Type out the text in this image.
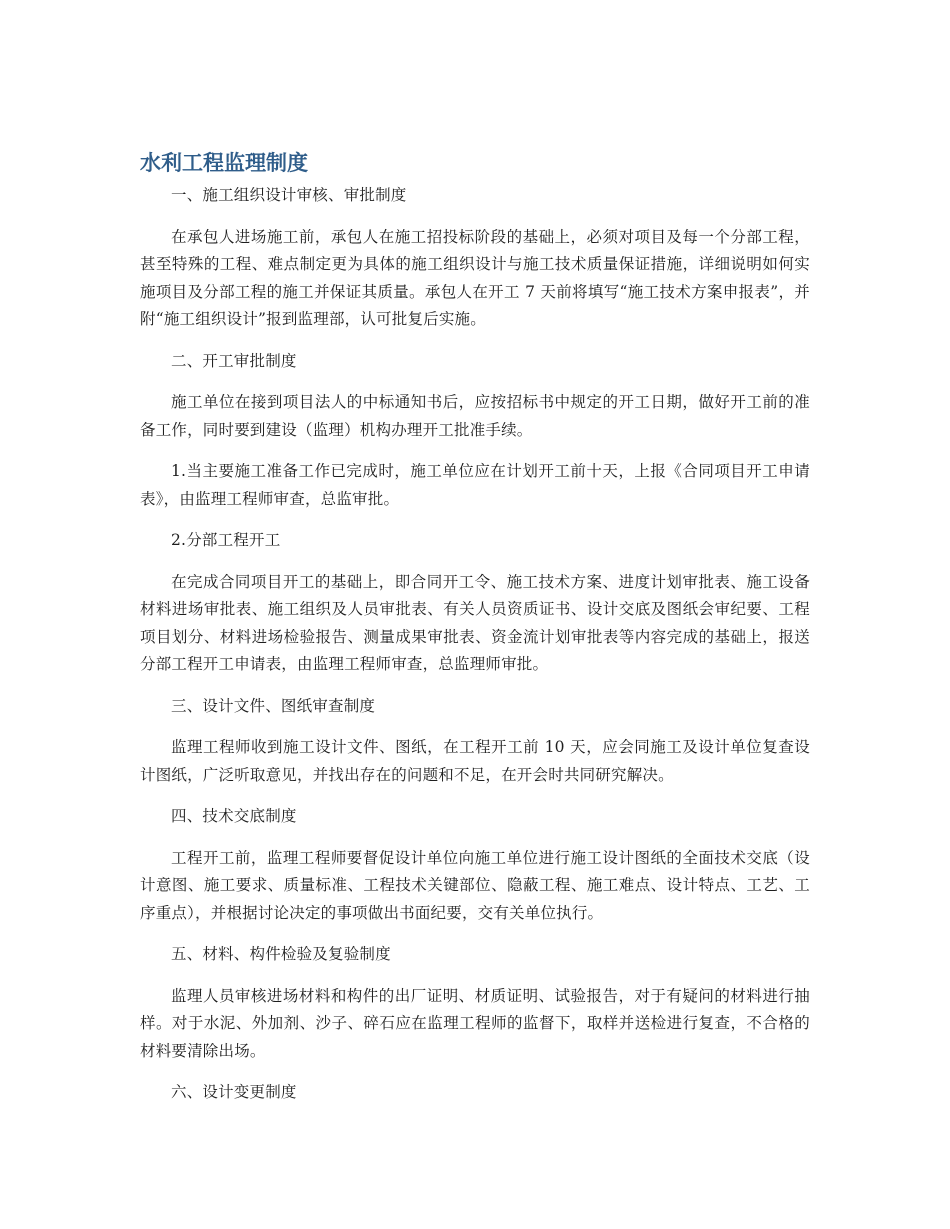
水利工程监理制度

一、施工组织设计审核、审批制度

在承包人进场施工前，承包人在施工招投标阶段的基础上，必须对项目及每一个分部工程，甚至特殊的工程、难点制定更为具体的施工组织设计与施工技术质量保证措施，详细说明如何实施项目及分部工程的施工并保证其质量。承包人在开工 7 天前将填写“施工技术方案申报表”，并附“施工组织设计”报到监理部，认可批复后实施。

二、开工审批制度

施工单位在接到项目法人的中标通知书后，应按招标书中规定的开工日期，做好开工前的准备工作，同时要到建设（监理）机构办理开工批准手续。

1.当主要施工准备工作已完成时，施工单位应在计划开工前十天，上报《合同项目开工申请表》，由监理工程师审查，总监审批。

2.分部工程开工

在完成合同项目开工的基础上，即合同开工令、施工技术方案、进度计划审批表、施工设备材料进场审批表、施工组织及人员审批表、有关人员资质证书、设计交底及图纸会审纪要、工程项目划分、材料进场检验报告、测量成果审批表、资金流计划审批表等内容完成的基础上，报送分部工程开工申请表，由监理工程师审查，总监理师审批。

三、设计文件、图纸审查制度

监理工程师收到施工设计文件、图纸，在工程开工前 10 天，应会同施工及设计单位复查设计图纸，广泛听取意见，并找出存在的问题和不足，在开会时共同研究解决。

四、技术交底制度

工程开工前，监理工程师要督促设计单位向施工单位进行施工设计图纸的全面技术交底（设计意图、施工要求、质量标准、工程技术关键部位、隐蔽工程、施工难点、设计特点、工艺、工序重点），并根据讨论决定的事项做出书面纪要，交有关单位执行。

五、材料、构件检验及复验制度

监理人员审核进场材料和构件的出厂证明、材质证明、试验报告，对于有疑问的材料进行抽样。对于水泥、外加剂、沙子、碎石应在监理工程师的监督下，取样并送检进行复查，不合格的材料要清除出场。

六、设计变更制度
